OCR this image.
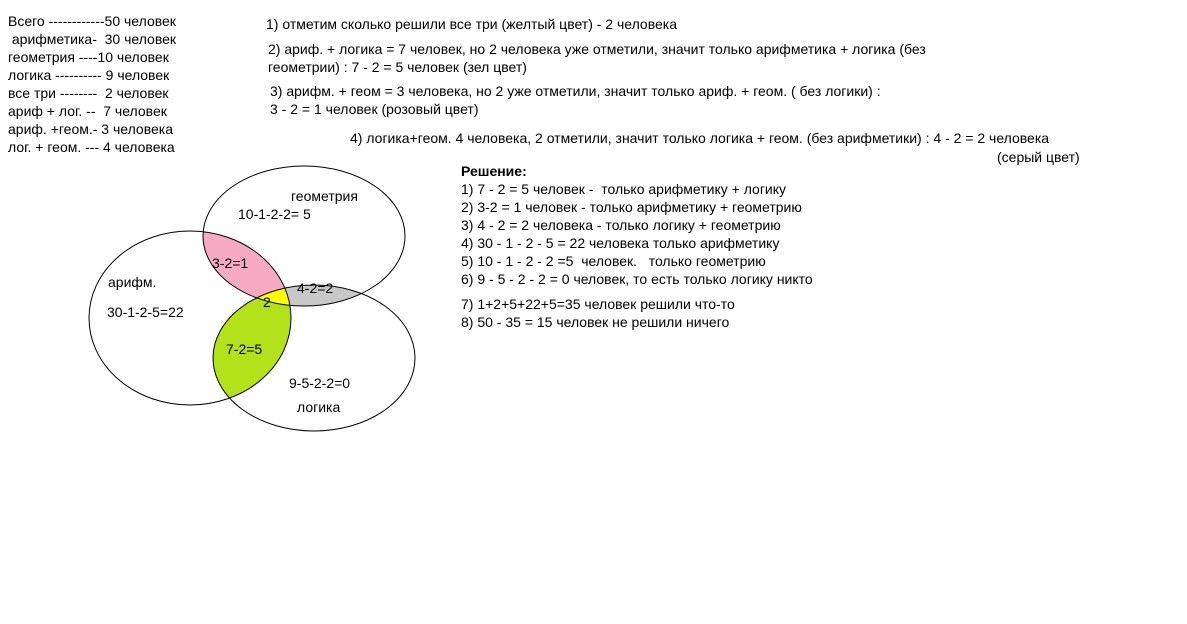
Всего ------------50 человек
арифметика-  30 человек
геометрия ----10 человек
логика ---------- 9 человек
все три --------  2 человек
ариф + лог. --  7 человек
ариф. +геом.- 3 человека
лог. + геом. --- 4 человека
1) отметим сколько решили все три (желтый цвет) - 2 человека
2) ариф. + логика = 7 человек, но 2 человека уже отметили, значит только арифметика + логика (без
геометрии) : 7 - 2 = 5 человек (зел цвет)
3) арифм. + геом = 3 человека, но 2 уже отметили, значит только ариф. + геом. ( без логики) :
3 - 2 = 1 человек (розовый цвет)
4) логика+геом. 4 человека, 2 отметили, значит только логика + геом. (без арифметики) : 4 - 2 = 2 человека
(серый цвет)
Решение:
1) 7 - 2 = 5 человек -  только арифметику + логику
2) 3-2 = 1 человек - только арифметику + геометрию
3) 4 - 2 = 2 человека - только логику + геометрию
4) 30 - 1 - 2 - 5 = 22 человека только арифметику
5) 10 - 1 - 2 - 2 =5  человек.   только геометрию
6) 9 - 5 - 2 - 2 = 0 человек, то есть только логику никто
7) 1+2+5+22+5=35 человек решили что-то
8) 50 - 35 = 15 человек не решили ничего
геометрия
10-1-2-2= 5
арифм.
30-1-2-5=22
3-2=1
2
4-2=2
7-2=5
9-5-2-2=0
логика
